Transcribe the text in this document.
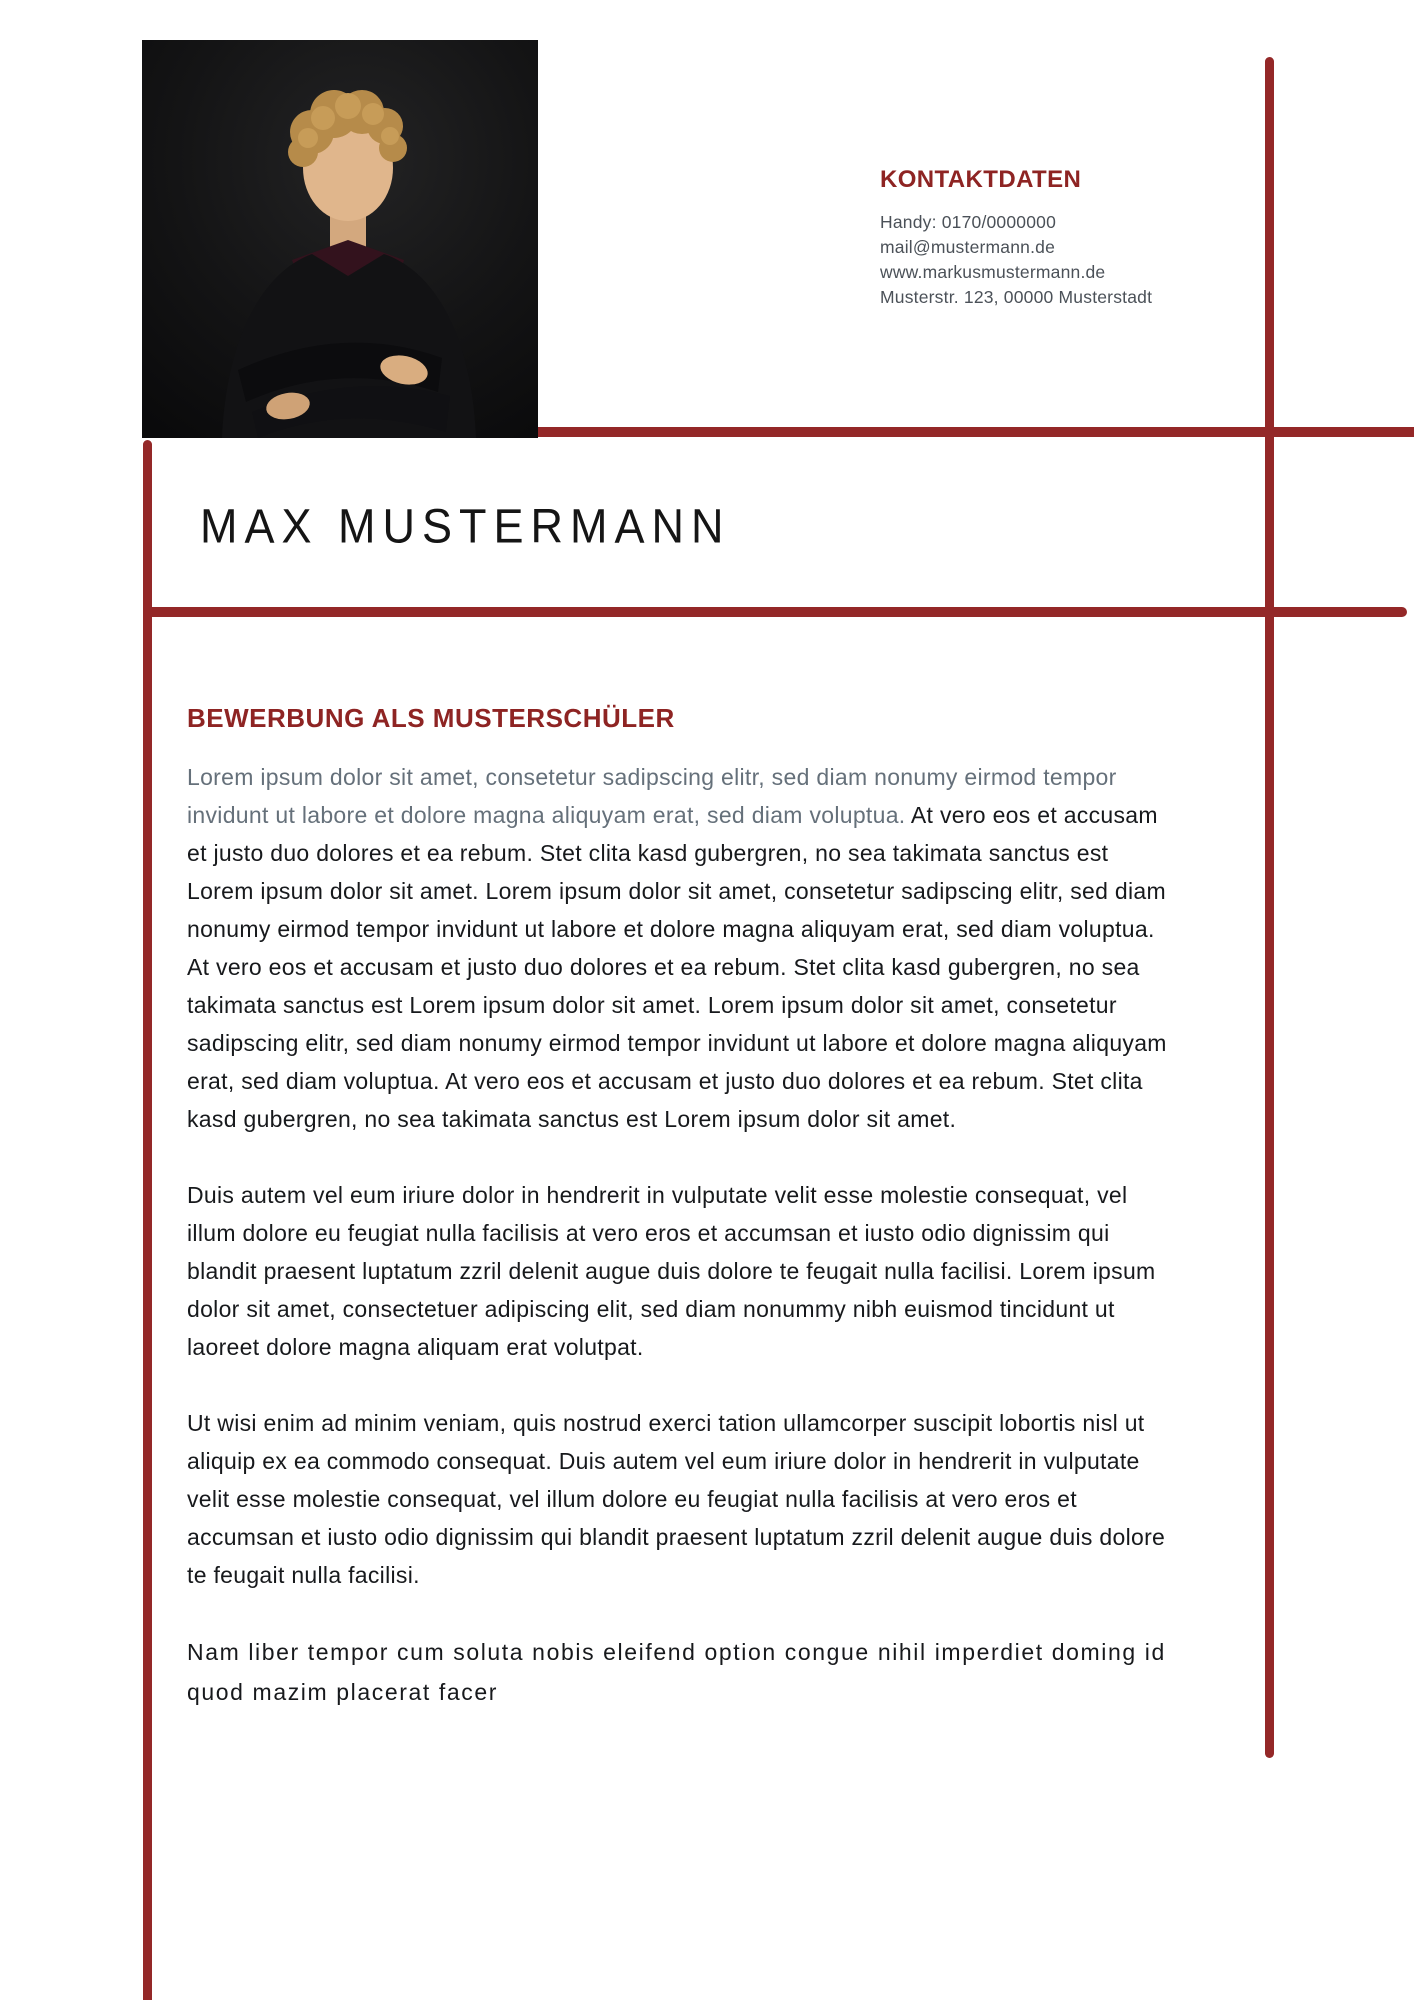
KONTAKTDATEN
Handy: 0170/0000000
mail@mustermann.de
www.markusmustermann.de
Musterstr. 123, 00000 Musterstadt
MAX MUSTERMANN
BEWERBUNG ALS MUSTERSCHÜLER

Lorem ipsum dolor sit amet, consetetur sadipscing elitr, sed diam nonumy eirmod tempor invidunt ut labore et dolore magna aliquyam erat, sed diam voluptua. At vero eos et accusam et justo duo dolores et ea rebum. Stet clita kasd gubergren, no sea takimata sanctus est Lorem ipsum dolor sit amet. Lorem ipsum dolor sit amet, consetetur sadipscing elitr, sed diam nonumy eirmod tempor invidunt ut labore et dolore magna aliquyam erat, sed diam voluptua. At vero eos et accusam et justo duo dolores et ea rebum. Stet clita kasd gubergren, no sea takimata sanctus est Lorem ipsum dolor sit amet. Lorem ipsum dolor sit amet, consetetur sadipscing elitr, sed diam nonumy eirmod tempor invidunt ut labore et dolore magna aliquyam erat, sed diam voluptua. At vero eos et accusam et justo duo dolores et ea rebum. Stet clita kasd gubergren, no sea takimata sanctus est Lorem ipsum dolor sit amet.

Duis autem vel eum iriure dolor in hendrerit in vulputate velit esse molestie consequat, vel illum dolore eu feugiat nulla facilisis at vero eros et accumsan et iusto odio dignissim qui blandit praesent luptatum zzril delenit augue duis dolore te feugait nulla facilisi. Lorem ipsum dolor sit amet, consectetuer adipiscing elit, sed diam nonummy nibh euismod tincidunt ut laoreet dolore magna aliquam erat volutpat.

Ut wisi enim ad minim veniam, quis nostrud exerci tation ullamcorper suscipit lobortis nisl ut aliquip ex ea commodo consequat. Duis autem vel eum iriure dolor in hendrerit in vulputate velit esse molestie consequat, vel illum dolore eu feugiat nulla facilisis at vero eros et accumsan et iusto odio dignissim qui blandit praesent luptatum zzril delenit augue duis dolore te feugait nulla facilisi.

Nam liber tempor cum soluta nobis eleifend option congue nihil imperdiet doming id quod mazim placerat facer
